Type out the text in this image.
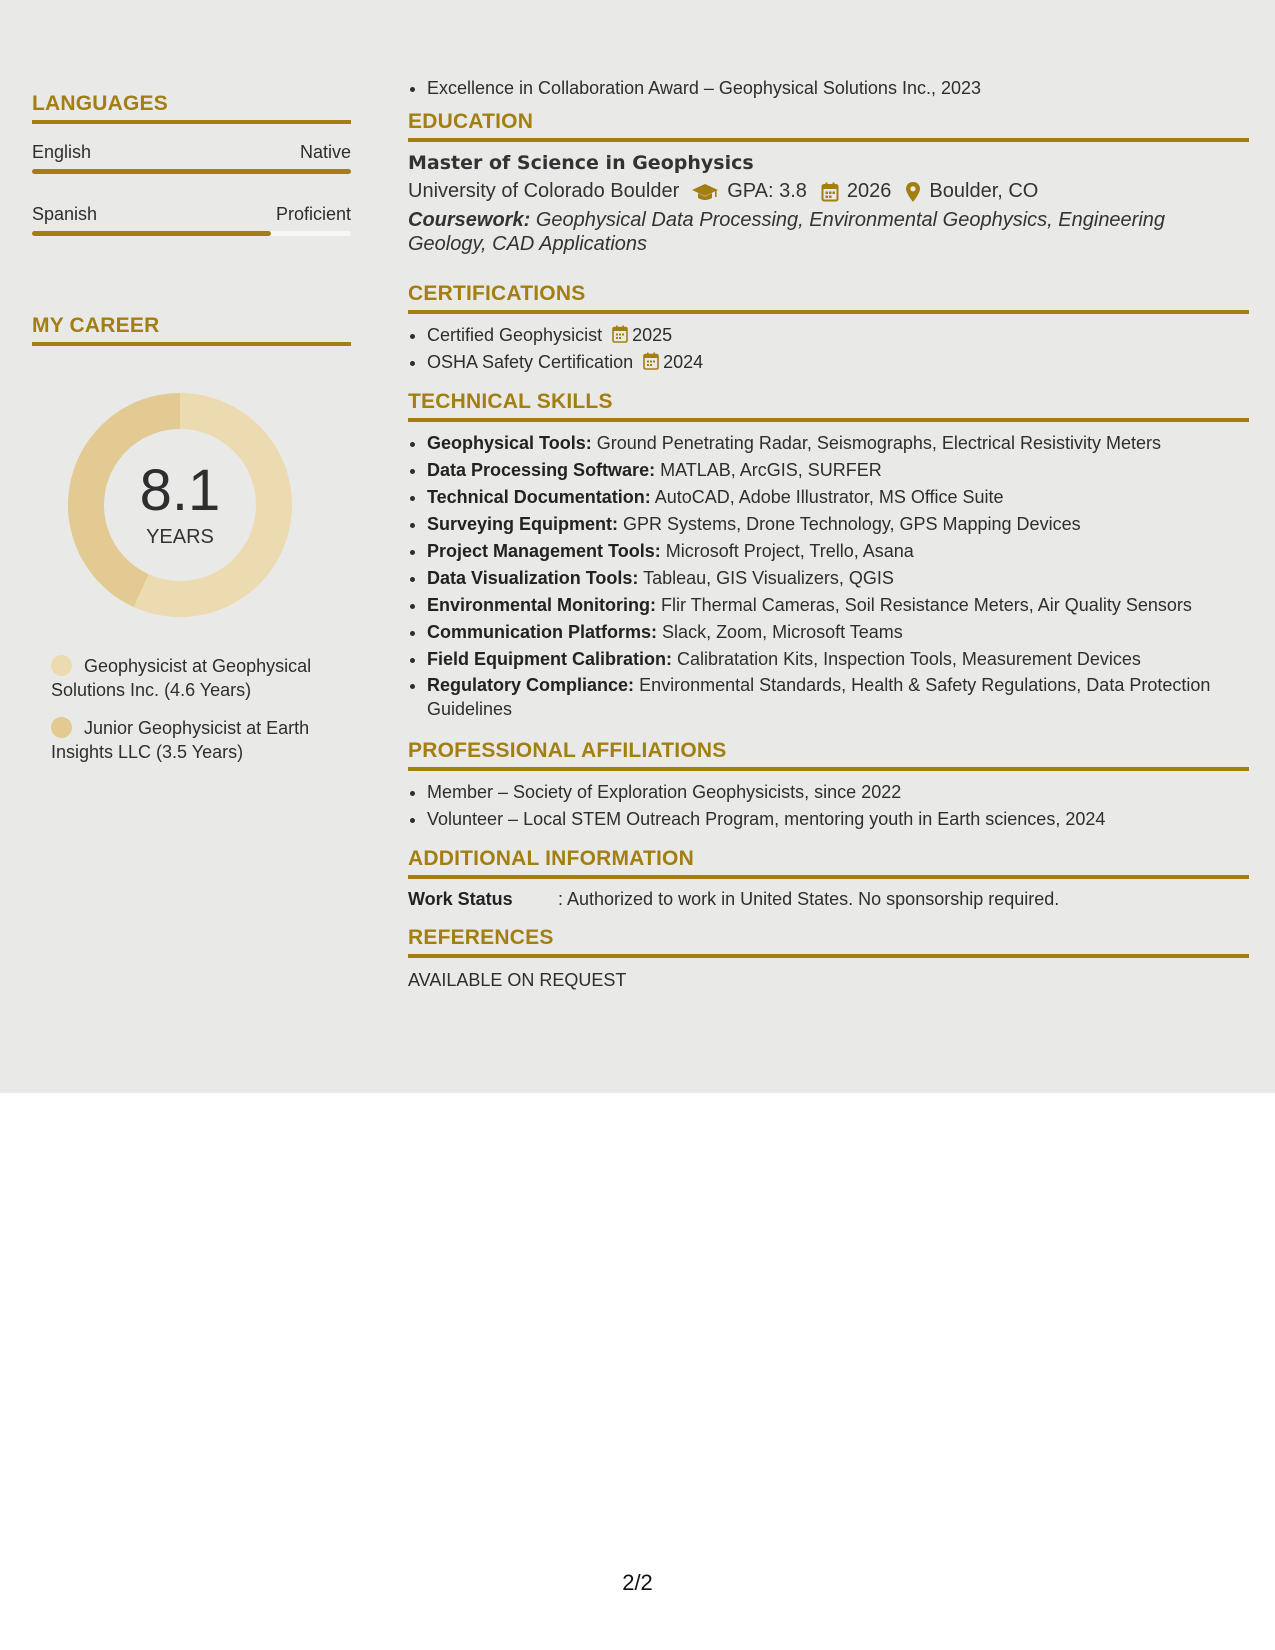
LANGUAGES
English	Native
Spanish	Proficient
MY CAREER
8.1
YEARS
Geophysicist at Geophysical Solutions Inc. (4.6 Years)
Junior Geophysicist at Earth Insights LLC (3.5 Years)
• Excellence in Collaboration Award – Geophysical Solutions Inc., 2023
EDUCATION
Master of Science in Geophysics
University of Colorado Boulder GPA: 3.8 2026 Boulder, CO
Coursework: Geophysical Data Processing, Environmental Geophysics, Engineering Geology, CAD Applications
CERTIFICATIONS
• Certified Geophysicist 2025
• OSHA Safety Certification 2024
TECHNICAL SKILLS
• Geophysical Tools: Ground Penetrating Radar, Seismographs, Electrical Resistivity Meters
• Data Processing Software: MATLAB, ArcGIS, SURFER
• Technical Documentation: AutoCAD, Adobe Illustrator, MS Office Suite
• Surveying Equipment: GPR Systems, Drone Technology, GPS Mapping Devices
• Project Management Tools: Microsoft Project, Trello, Asana
• Data Visualization Tools: Tableau, GIS Visualizers, QGIS
• Environmental Monitoring: Flir Thermal Cameras, Soil Resistance Meters, Air Quality Sensors
• Communication Platforms: Slack, Zoom, Microsoft Teams
• Field Equipment Calibration: Calibratation Kits, Inspection Tools, Measurement Devices
• Regulatory Compliance: Environmental Standards, Health & Safety Regulations, Data Protection Guidelines
PROFESSIONAL AFFILIATIONS
• Member – Society of Exploration Geophysicists, since 2022
• Volunteer – Local STEM Outreach Program, mentoring youth in Earth sciences, 2024
ADDITIONAL INFORMATION
Work Status	: Authorized to work in United States. No sponsorship required.
REFERENCES
AVAILABLE ON REQUEST
2/2
